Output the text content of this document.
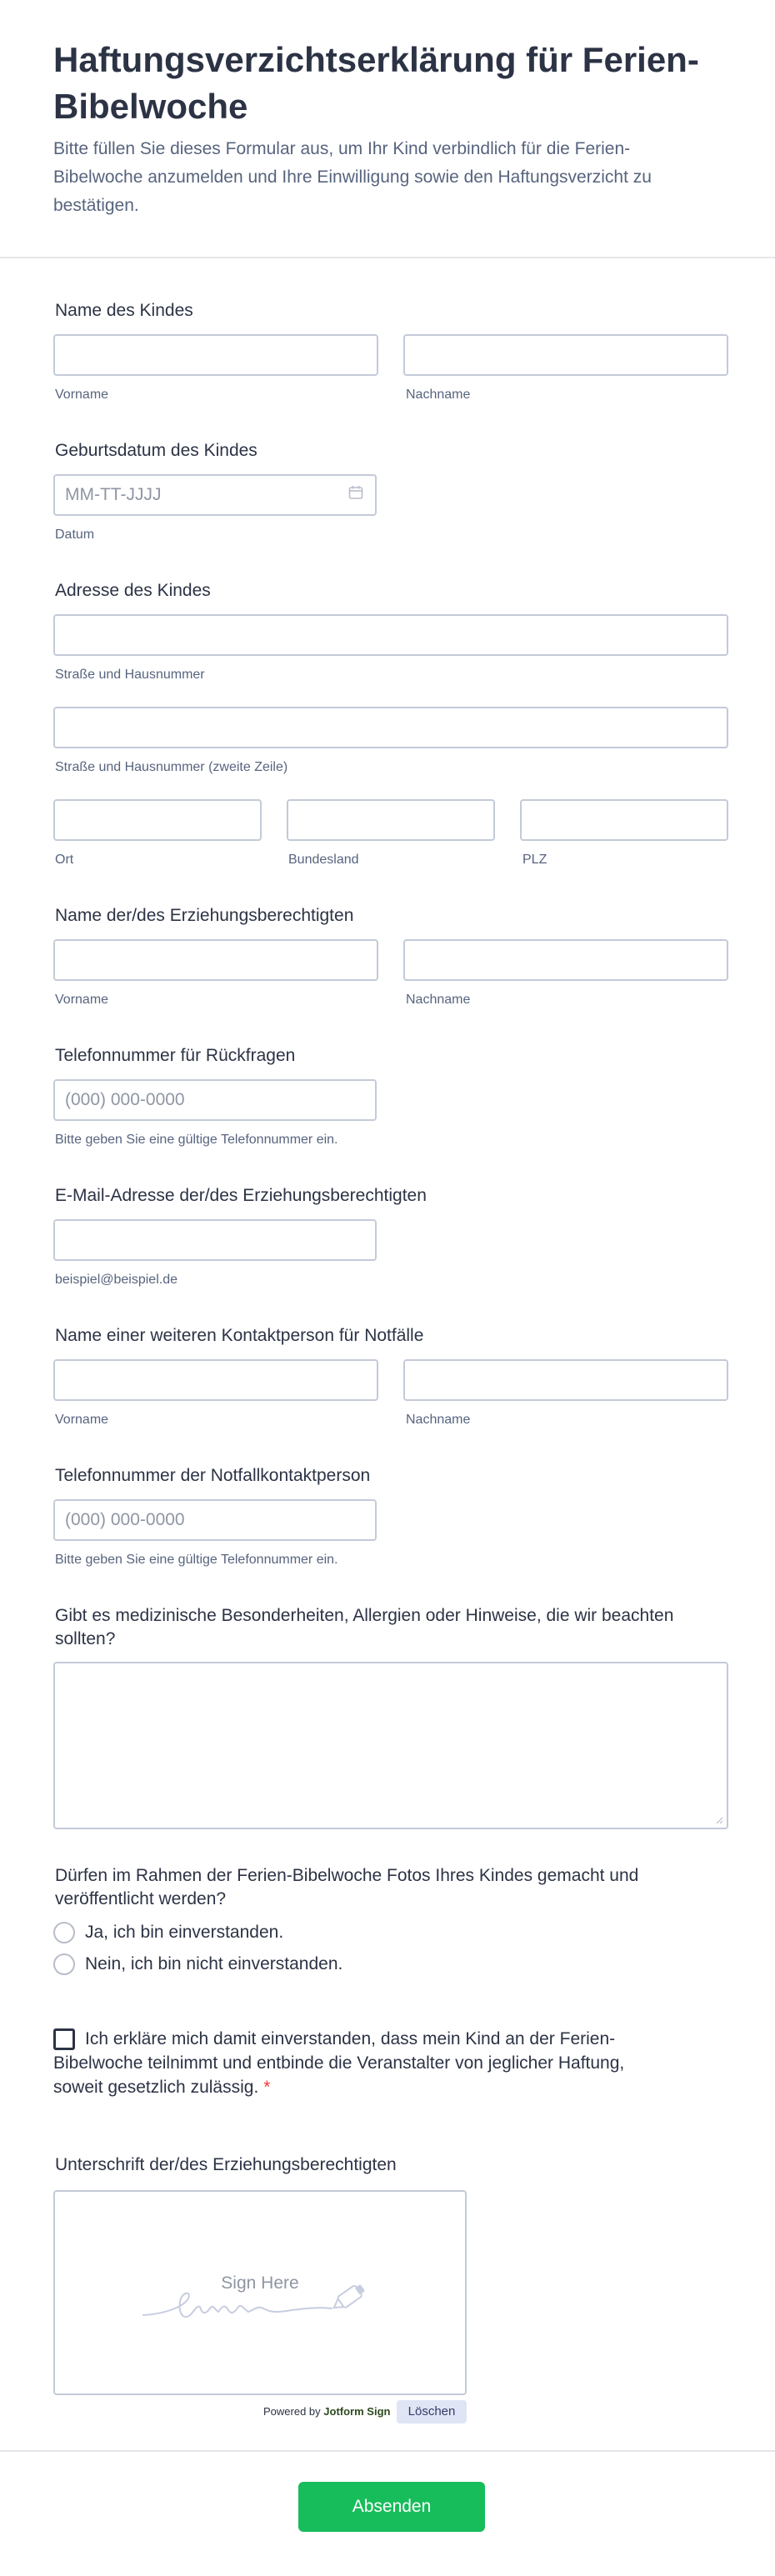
Haftungsverzichtserklärung für Ferien-Bibelwoche

Bitte füllen Sie dieses Formular aus, um Ihr Kind verbindlich für die Ferien-Bibelwoche anzumelden und Ihre Einwilligung sowie den Haftungsverzicht zu bestätigen.

Name des Kindes
Vorname	Nachname
Geburtsdatum des Kindes
MM-TT-JJJJ
Datum
Adresse des Kindes
Straße und Hausnummer
Straße und Hausnummer (zweite Zeile)
Ort	Bundesland	PLZ
Name der/des Erziehungsberechtigten
Vorname	Nachname
Telefonnummer für Rückfragen
(000) 000-0000
Bitte geben Sie eine gültige Telefonnummer ein.
E-Mail-Adresse der/des Erziehungsberechtigten
beispiel@beispiel.de
Name einer weiteren Kontaktperson für Notfälle
Vorname	Nachname
Telefonnummer der Notfallkontaktperson
(000) 000-0000
Bitte geben Sie eine gültige Telefonnummer ein.
Gibt es medizinische Besonderheiten, Allergien oder Hinweise, die wir beachten sollten?
Dürfen im Rahmen der Ferien-Bibelwoche Fotos Ihres Kindes gemacht und veröffentlicht werden?
Ja, ich bin einverstanden.
Nein, ich bin nicht einverstanden.
Ich erkläre mich damit einverstanden, dass mein Kind an der Ferien-Bibelwoche teilnimmt und entbinde die Veranstalter von jeglicher Haftung, soweit gesetzlich zulässig. *
Unterschrift der/des Erziehungsberechtigten
Sign Here
Powered by Jotform Sign	Löschen
Absenden
